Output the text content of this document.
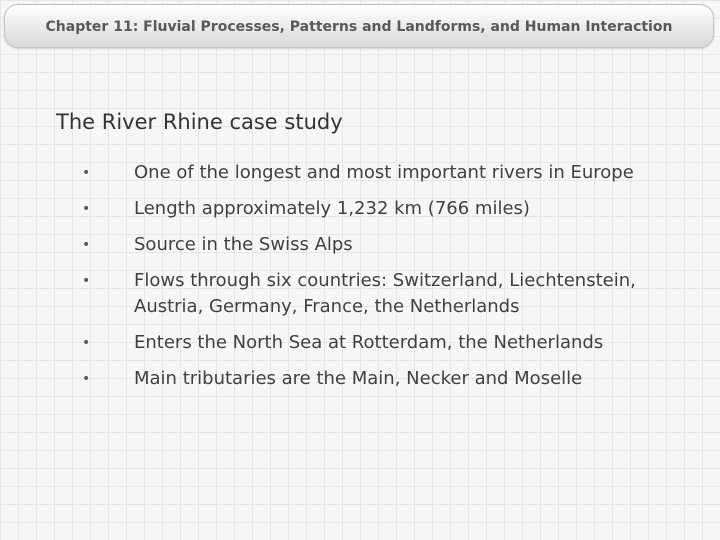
Chapter 11: Fluvial Processes, Patterns and Landforms, and Human Interaction
The River Rhine case study
•	One of the longest and most important rivers in Europe
•	Length approximately 1,232 km (766 miles)
•	Source in the Swiss Alps
•	Flows through six countries: Switzerland, Liechtenstein, Austria, Germany, France, the Netherlands
•	Enters the North Sea at Rotterdam, the Netherlands
•	Main tributaries are the Main, Necker and Moselle
